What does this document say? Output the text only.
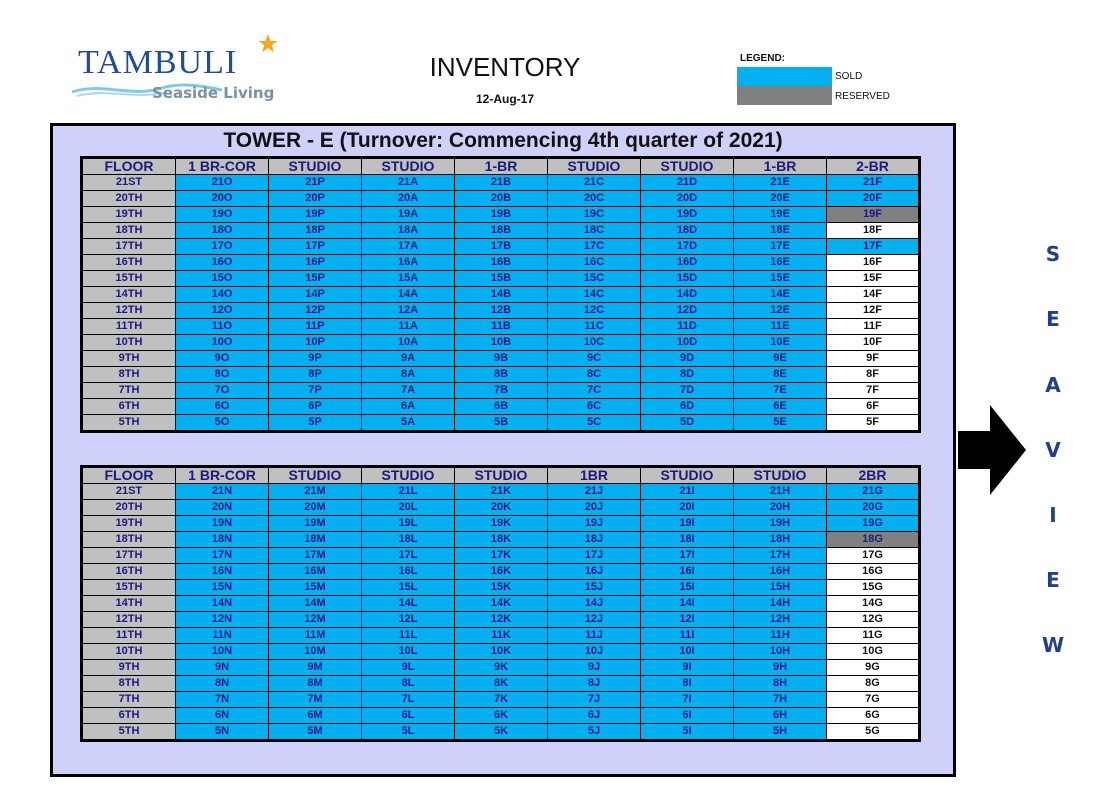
TAMBULI
Seaside Living
INVENTORY
12-Aug-17
LEGEND:
SOLD
RESERVED
TOWER - E (Turnover: Commencing 4th quarter of 2021)
FLOOR	1 BR-COR	STUDIO	STUDIO	1-BR	STUDIO	STUDIO	1-BR	2-BR
21ST	21O	21P	21A	21B	21C	21D	21E	21F
20TH	20O	20P	20A	20B	20C	20D	20E	20F
19TH	19O	19P	19A	19B	19C	19D	19E	19F
18TH	18O	18P	18A	18B	18C	18D	18E	18F
17TH	17O	17P	17A	17B	17C	17D	17E	17F
16TH	16O	16P	16A	16B	16C	16D	16E	16F
15TH	15O	15P	15A	15B	15C	15D	15E	15F
14TH	14O	14P	14A	14B	14C	14D	14E	14F
12TH	12O	12P	12A	12B	12C	12D	12E	12F
11TH	11O	11P	11A	11B	11C	11D	11E	11F
10TH	10O	10P	10A	10B	10C	10D	10E	10F
9TH	9O	9P	9A	9B	9C	9D	9E	9F
8TH	8O	8P	8A	8B	8C	8D	8E	8F
7TH	7O	7P	7A	7B	7C	7D	7E	7F
6TH	6O	6P	6A	6B	6C	6D	6E	6F
5TH	5O	5P	5A	5B	5C	5D	5E	5F
FLOOR	1 BR-COR	STUDIO	STUDIO	STUDIO	1BR	STUDIO	STUDIO	2BR
21ST	21N	21M	21L	21K	21J	21I	21H	21G
20TH	20N	20M	20L	20K	20J	20I	20H	20G
19TH	19N	19M	19L	19K	19J	19I	19H	19G
18TH	18N	18M	18L	18K	18J	18I	18H	18G
17TH	17N	17M	17L	17K	17J	17I	17H	17G
16TH	16N	16M	16L	16K	16J	16I	16H	16G
15TH	15N	15M	15L	15K	15J	15I	15H	15G
14TH	14N	14M	14L	14K	14J	14I	14H	14G
12TH	12N	12M	12L	12K	12J	12I	12H	12G
11TH	11N	11M	11L	11K	11J	11I	11H	11G
10TH	10N	10M	10L	10K	10J	10I	10H	10G
9TH	9N	9M	9L	9K	9J	9I	9H	9G
8TH	8N	8M	8L	8K	8J	8I	8H	8G
7TH	7N	7M	7L	7K	7J	7I	7H	7G
6TH	6N	6M	6L	6K	6J	6I	6H	6G
5TH	5N	5M	5L	5K	5J	5I	5H	5G
S
E
A
V
I
E
W
